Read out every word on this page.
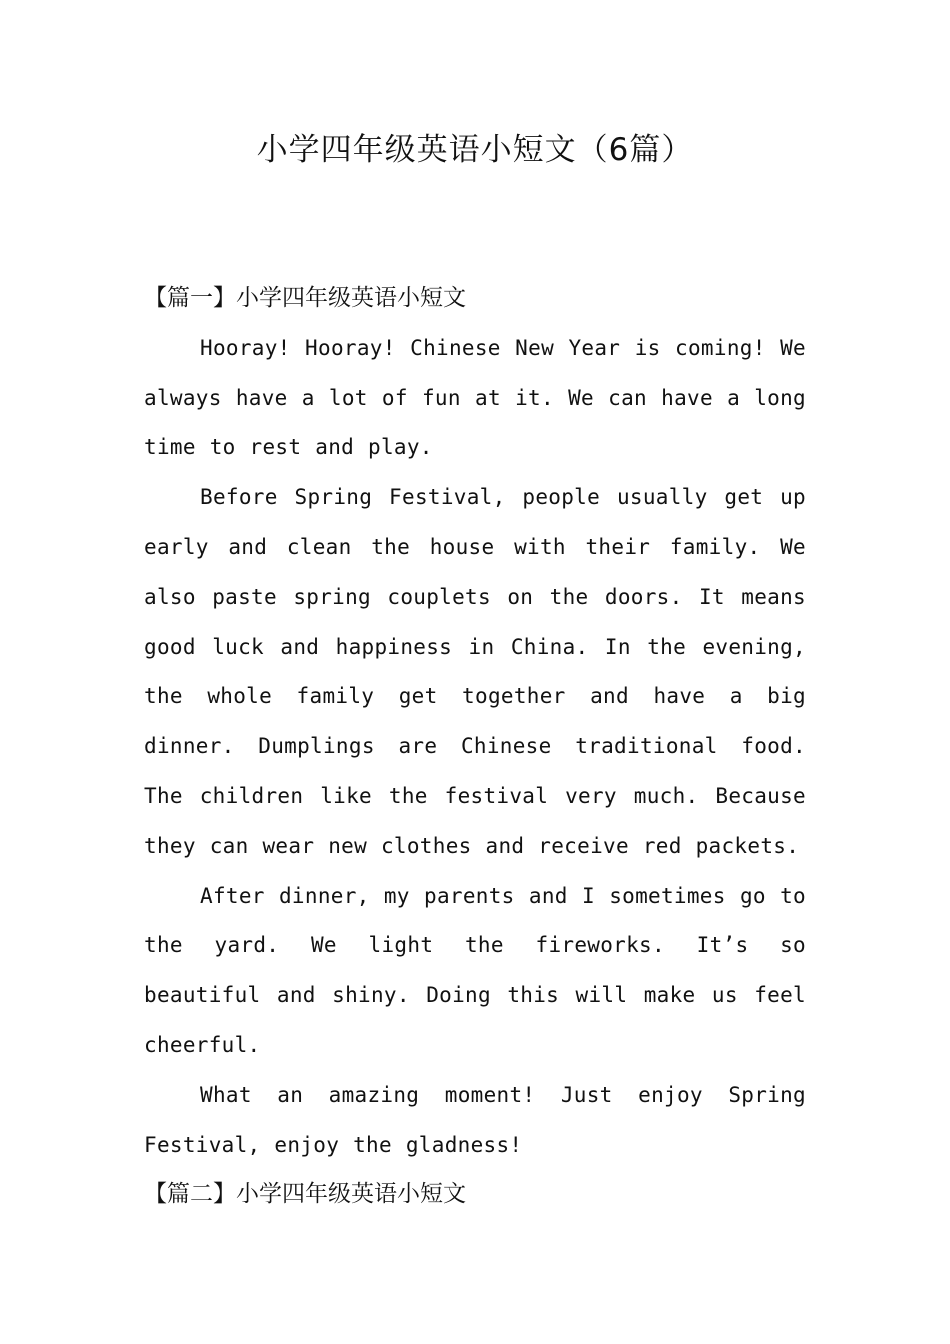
小学四年级英语小短文（6篇）
【篇一】小学四年级英语小短文

Hooray! Hooray! Chinese New Year is coming! We always have a lot of fun at it. We can have a long time to rest and play.

Before Spring Festival, people usually get up early and clean the house with their family. We also paste spring couplets on the doors. It means good luck and happiness in China. In the evening, the whole family get together and have a big dinner. Dumplings are Chinese traditional food. The children like the festival very much. Because they can wear new clothes and receive red packets.

After dinner, my parents and I sometimes go to the yard. We light the fireworks. It’s so beautiful and shiny. Doing this will make us feel cheerful.

What an amazing moment! Just enjoy Spring Festival, enjoy the gladness!

【篇二】小学四年级英语小短文
